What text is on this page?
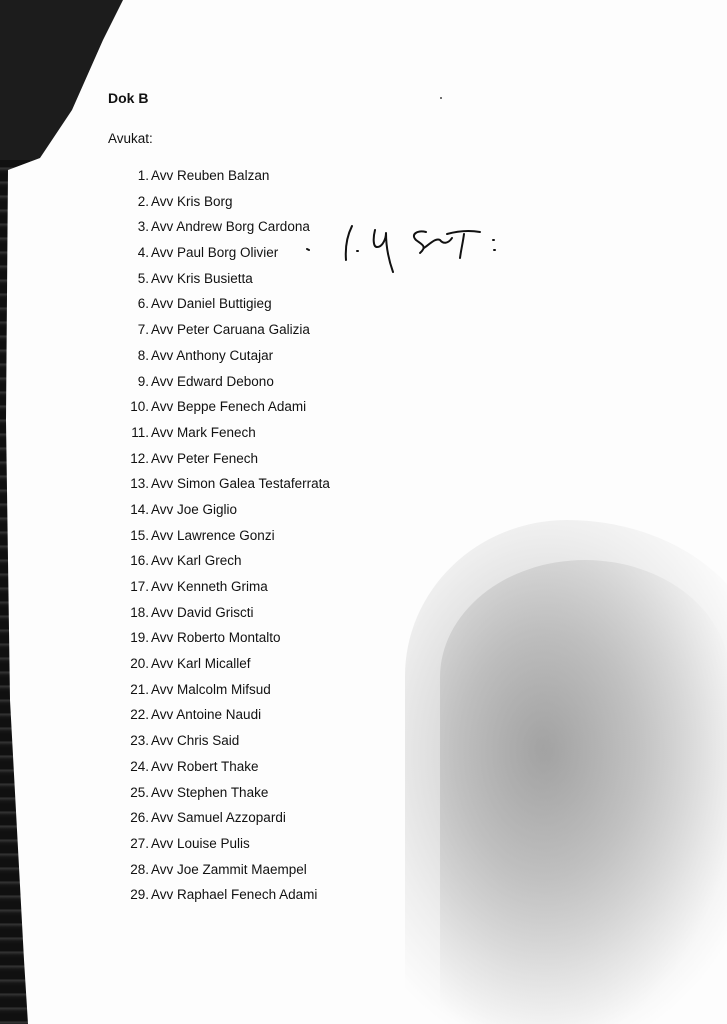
Dok B

Avukat:

1. Avv Reuben Balzan
2. Avv Kris Borg
3. Avv Andrew Borg Cardona
4. Avv Paul Borg Olivier
5. Avv Kris Busietta
6. Avv Daniel Buttigieg
7. Avv Peter Caruana Galizia
8. Avv Anthony Cutajar
9. Avv Edward Debono
10. Avv Beppe Fenech Adami
11. Avv Mark Fenech
12. Avv Peter Fenech
13. Avv Simon Galea Testaferrata
14. Avv Joe Giglio
15. Avv Lawrence Gonzi
16. Avv Karl Grech
17. Avv Kenneth Grima
18. Avv David Griscti
19. Avv Roberto Montalto
20. Avv Karl Micallef
21. Avv Malcolm Mifsud
22. Avv Antoine Naudi
23. Avv Chris Said
24. Avv Robert Thake
25. Avv Stephen Thake
26. Avv Samuel Azzopardi
27. Avv Louise Pulis
28. Avv Joe Zammit Maempel
29. Avv Raphael Fenech Adami
